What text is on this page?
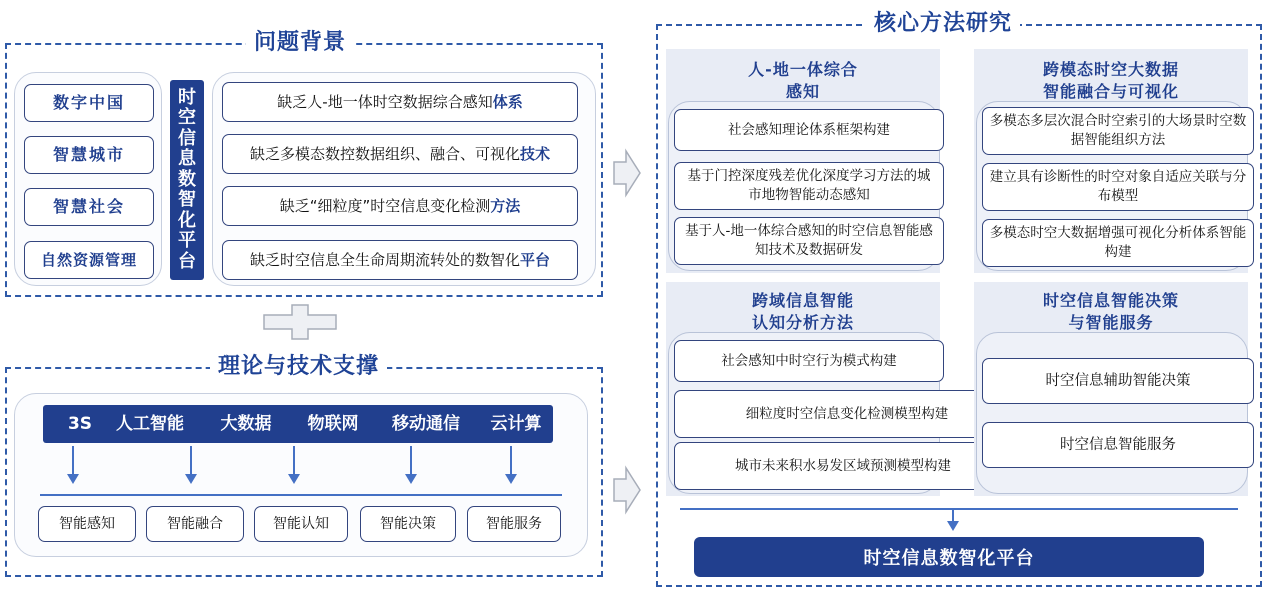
问题背景
数字中国
智慧城市
智慧社会
自然资源管理
时
空
信
息
数
智
化
平
台
缺乏人-地一体时空数据综合感知 体系
缺乏多模态数控数据组织、融合、可视化 技术
缺乏“细粒度”时空信息变化检测 方法
缺乏时空信息全生命周期流转处的数智化 平台
理论与技术支撑
3S	人工智能	大数据	物联网	移动通信	云计算
智能感知	智能融合	智能认知	智能决策	智能服务
核心方法研究
人-地一体综合
感知
社会感知理论体系框架构建
基于门控深度残差优化深度学习方法的城市地物智能动态感知
基于人-地一体综合感知的时空信息智能感知技术及数据研发
跨模态时空大数据
智能融合与可视化
多模态多层次混合时空索引的大场景时空数据智能组织方法
建立具有诊断性的时空对象自适应关联与分布模型
多模态时空大数据增强可视化分析体系智能构建
跨域信息智能
认知分析方法
社会感知中时空行为模式构建
细粒度时空信息变化检测模型构建
城市未来积水易发区域预测模型构建
时空信息智能决策
与智能服务
时空信息辅助智能决策
时空信息智能服务
时空信息数智化平台
